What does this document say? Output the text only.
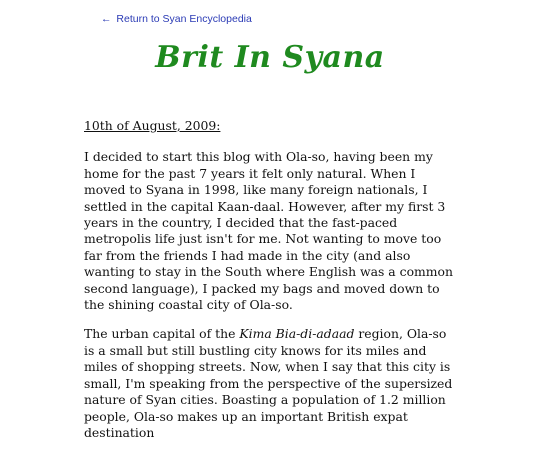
← Return to Syan Encyclopedia
Brit In Syana

10th of August, 2009:

I decided to start this blog with Ola-so, having been my home for the past 7 years it felt only natural. When I moved to Syana in 1998, like many foreign nationals, I settled in the capital Kaan-daal. However, after my first 3 years in the country, I decided that the fast-paced metropolis life just isn't for me. Not wanting to move too far from the friends I had made in the city (and also wanting to stay in the South where English was a common second language), I packed my bags and moved down to the shining coastal city of Ola-so.

The urban capital of the Kima Bia-di-adaad region, Ola-so is a small but still bustling city knows for its miles and miles of shopping streets. Now, when I say that this city is small, I'm speaking from the perspective of the supersized nature of Syan cities. Boasting a population of 1.2 million people, Ola-so makes up an important British expat destination
